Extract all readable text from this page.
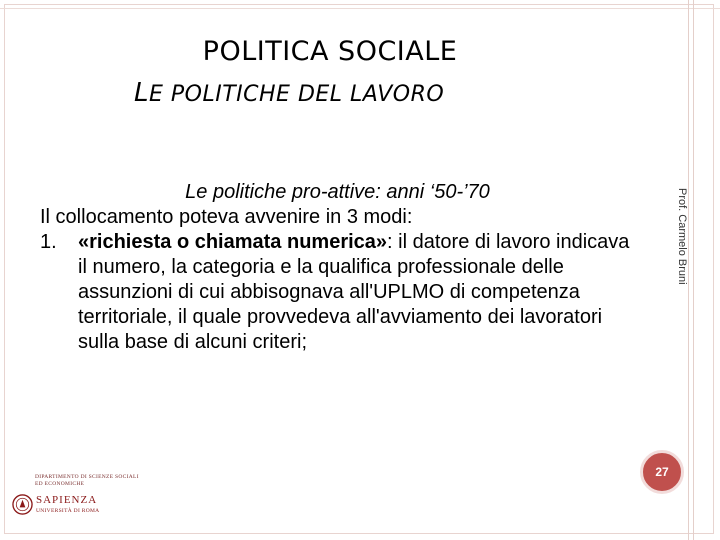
POLITICA SOCIALE
LE POLITICHE DEL LAVORO
Prof. Carmelo Bruni
Le politiche pro-attive: anni ‘50-’70
Il collocamento poteva avvenire in 3 modi:
1.	«richiesta o chiamata numerica»: il datore di lavoro indicava il numero, la categoria e la qualifica professionale delle assunzioni di cui abbisognava all'UPLMO di competenza territoriale, il quale provvedeva all'avviamento dei lavoratori sulla base di alcuni criteri;
27
DIPARTIMENTO DI SCIENZE SOCIALI
ED ECONOMICHE
SAPIENZA
UNIVERSITÀ DI ROMA
